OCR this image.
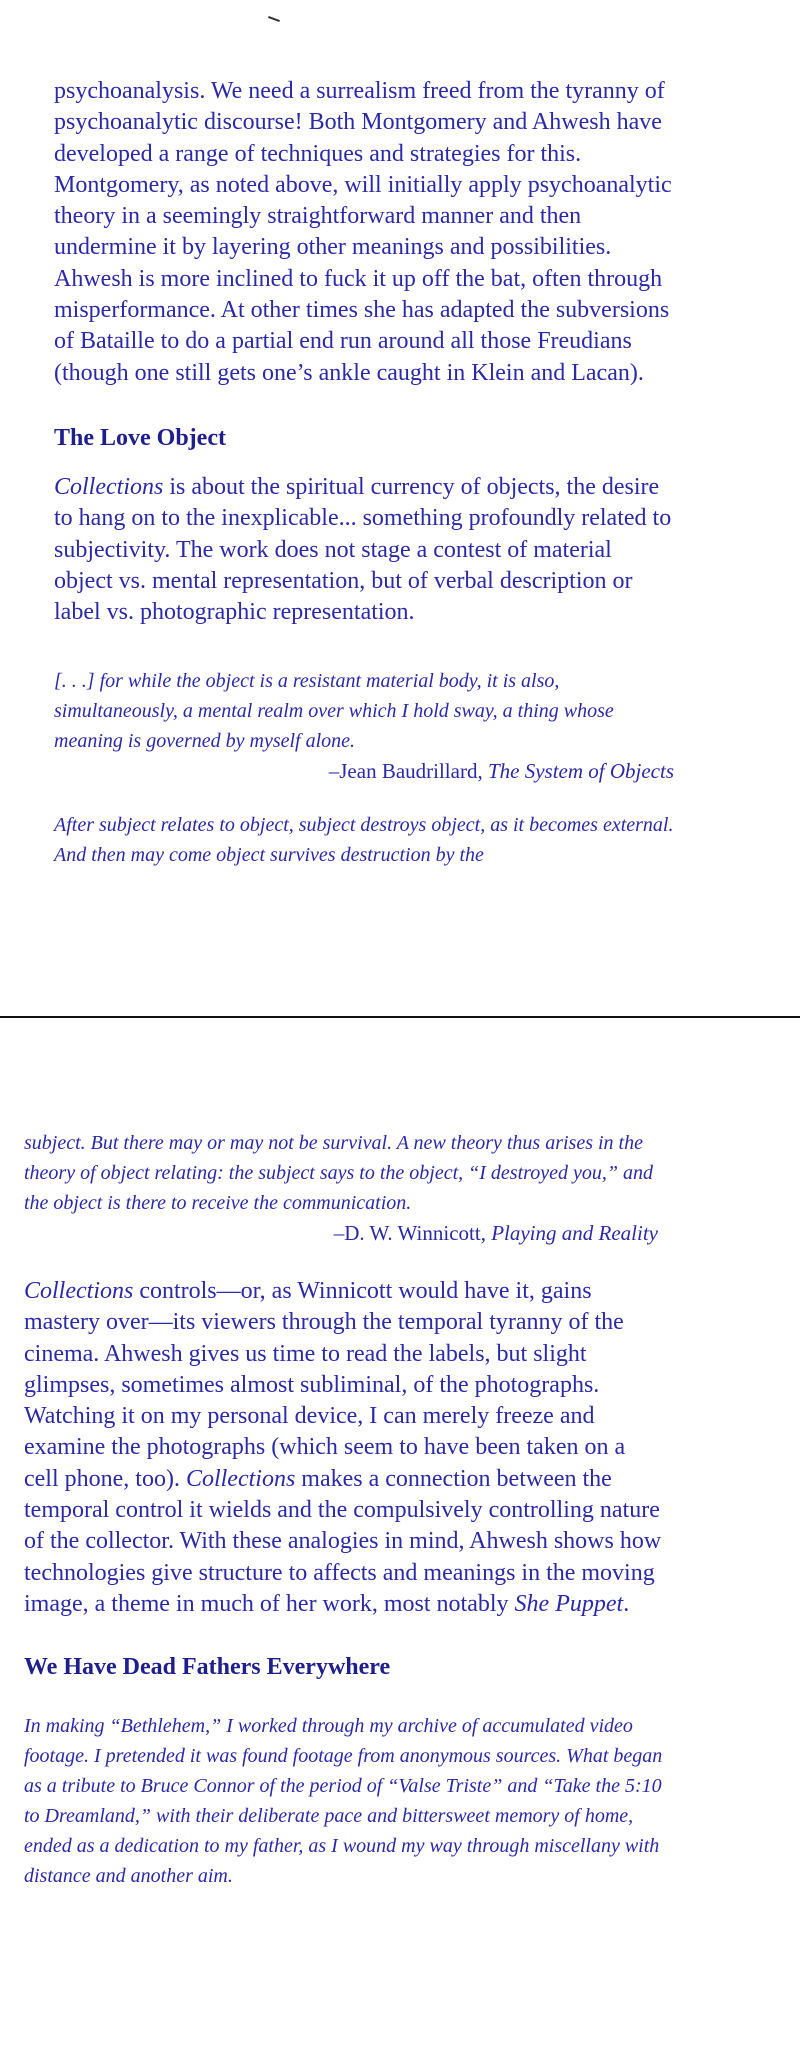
psychoanalysis. We need a surrealism freed from the tyranny of psychoanalytic discourse! Both Montgomery and Ahwesh have developed a range of techniques and strategies for this. Montgomery, as noted above, will initially apply psychoanalytic theory in a seemingly straightforward manner and then undermine it by layering other meanings and possibilities. Ahwesh is more inclined to fuck it up off the bat, often through misperformance. At other times she has adapted the subversions of Bataille to do a partial end run around all those Freudians (though one still gets one’s ankle caught in Klein and Lacan).

The Love Object

Collections is about the spiritual currency of objects, the desire to hang on to the inexplicable... something profoundly related to subjectivity. The work does not stage a contest of material object vs. mental representation, but of verbal description or label vs. photographic representation.

[. . .] for while the object is a resistant material body, it is also, simultaneously, a mental realm over which I hold sway, a thing whose meaning is governed by myself alone.

–Jean Baudrillard, The System of Objects

After subject relates to object, subject destroys object, as it becomes external. And then may come object survives destruction by the

subject. But there may or may not be survival. A new theory thus arises in the theory of object relating: the subject says to the object, “I destroyed you,” and the object is there to receive the communication.

–D. W. Winnicott, Playing and Reality

Collections controls—or, as Winnicott would have it, gains mastery over—its viewers through the temporal tyranny of the cinema. Ahwesh gives us time to read the labels, but slight glimpses, sometimes almost subliminal, of the photographs. Watching it on my personal device, I can merely freeze and examine the photographs (which seem to have been taken on a cell phone, too). Collections makes a connection between the temporal control it wields and the compulsively controlling nature of the collector. With these analogies in mind, Ahwesh shows how technologies give structure to affects and meanings in the moving image, a theme in much of her work, most notably She Puppet.

We Have Dead Fathers Everywhere

In making “Bethlehem,” I worked through my archive of accumulated video footage. I pretended it was found footage from anonymous sources. What began as a tribute to Bruce Connor of the period of “Valse Triste” and “Take the 5:10 to Dreamland,” with their deliberate pace and bittersweet memory of home, ended as a dedication to my father, as I wound my way through miscellany with distance and another aim.
